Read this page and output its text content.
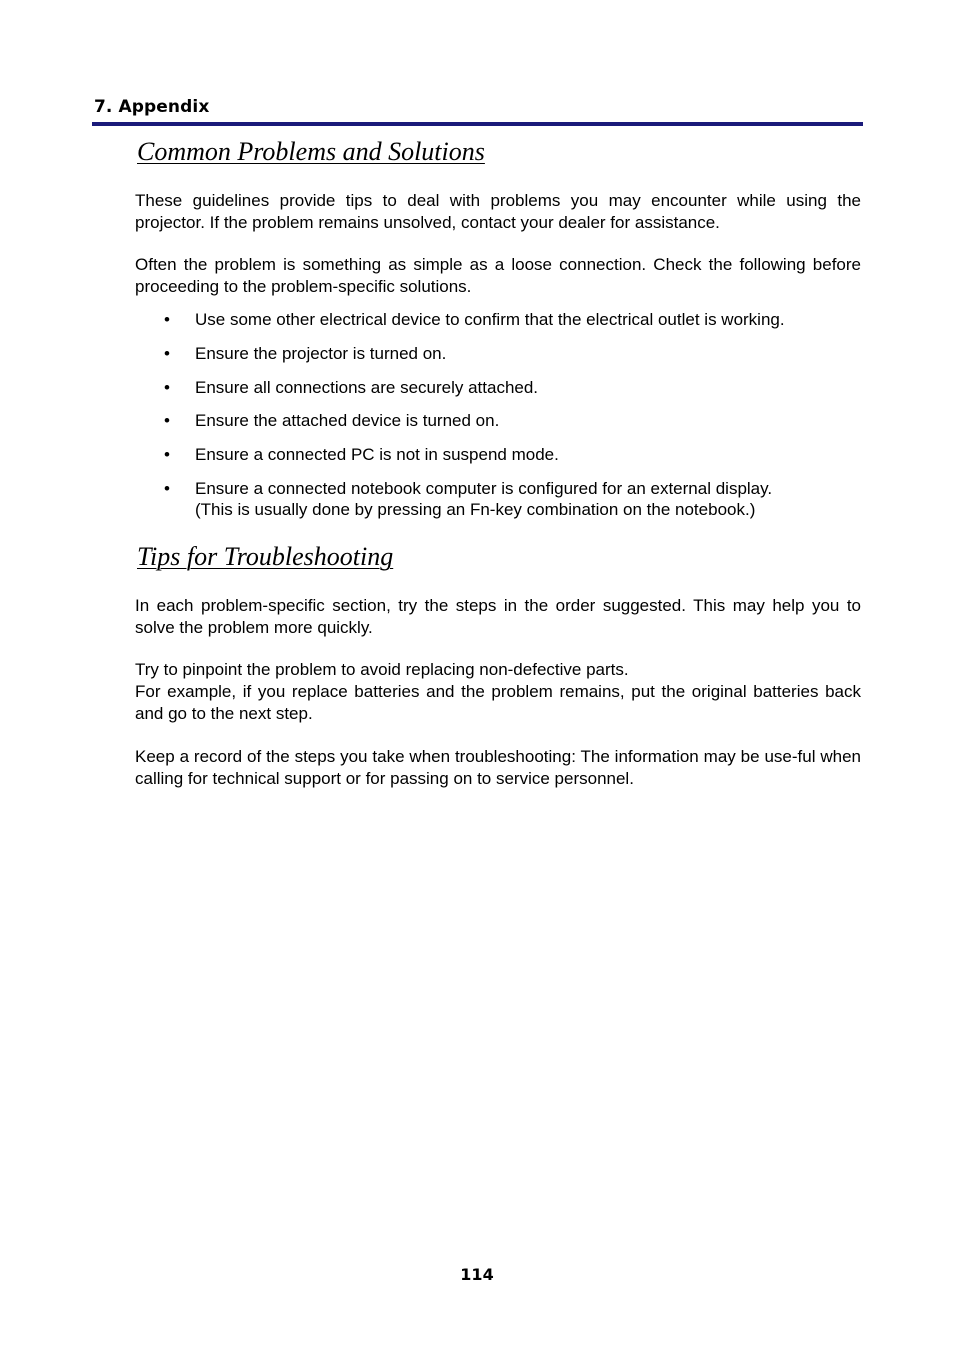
7. Appendix
Common Problems and Solutions
These guidelines provide tips to deal with problems you may encounter while using the projector. If the problem remains unsolved, contact your dealer for assistance.
Often the problem is something as simple as a loose connection. Check the following before proceeding to the problem-specific solutions.
• Use some other electrical device to confirm that the electrical outlet is working.
• Ensure the projector is turned on.
• Ensure all connections are securely attached.
• Ensure the attached device is turned on.
• Ensure a connected PC is not in suspend mode.
• Ensure a connected notebook computer is configured for an external display.
(This is usually done by pressing an Fn-key combination on the notebook.)
Tips for Troubleshooting
In each problem-specific section, try the steps in the order suggested. This may help you to solve the problem more quickly.
Try to pinpoint the problem to avoid replacing non-defective parts.
For example, if you replace batteries and the problem remains, put the original batteries back and go to the next step.
Keep a record of the steps you take when troubleshooting: The information may be use-ful when calling for technical support or for passing on to service personnel.
114
